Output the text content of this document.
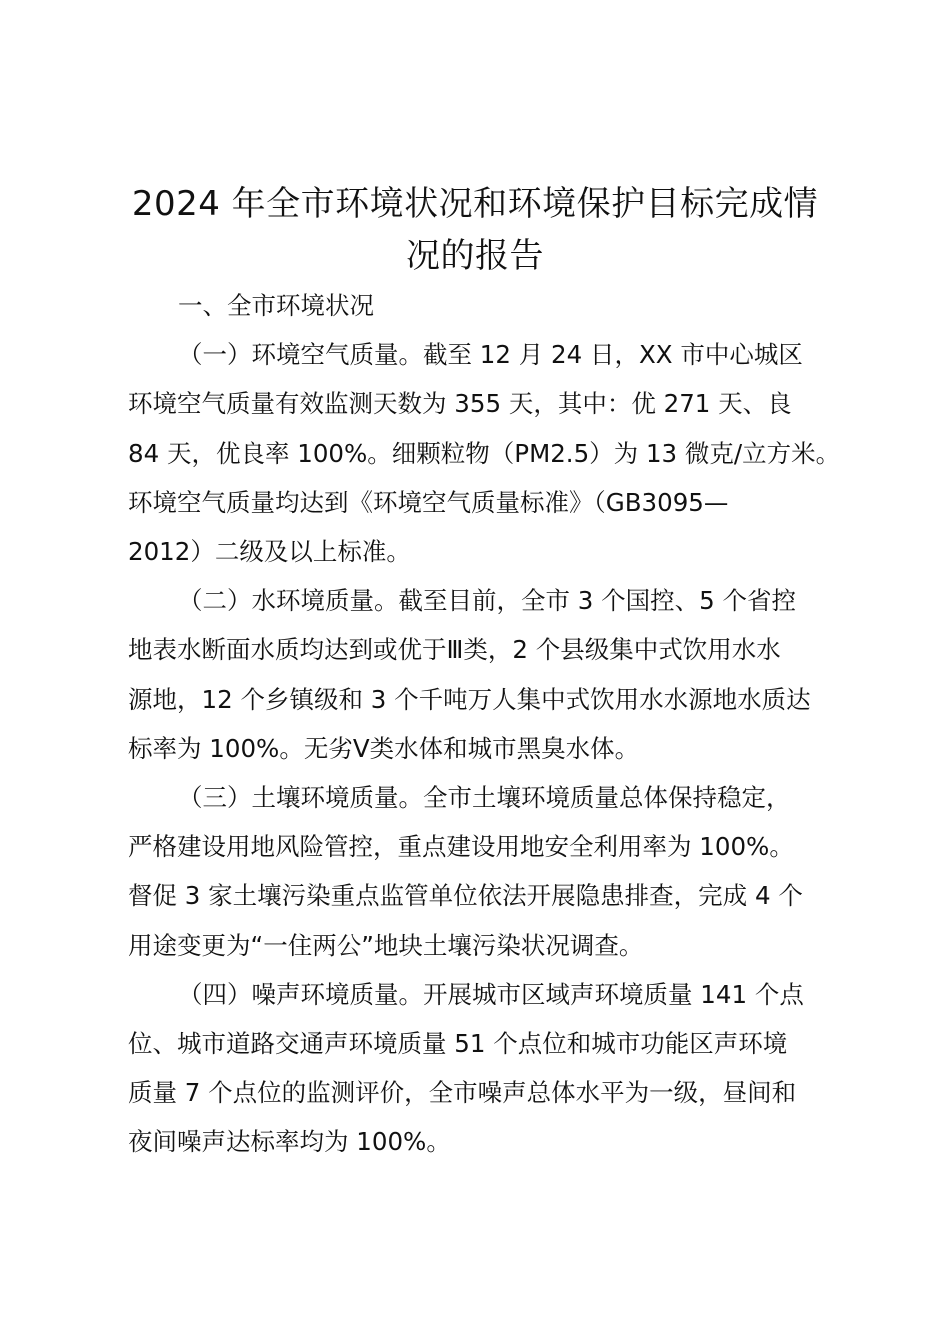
2024 年全市环境状况和环境保护目标完成情
况的报告

一、全市环境状况

（一）环境空气质量。截至 12 月 24 日，XX 市中心城区
环境空气质量有效监测天数为 355 天，其中：优 271 天、良
84 天，优良率 100%。细颗粒物（PM2.5）为 13 微克/立方米。
环境空气质量均达到《环境空气质量标准》（GB3095—
2012）二级及以上标准。

（二）水环境质量。截至目前，全市 3 个国控、5 个省控
地表水断面水质均达到或优于Ⅲ类，2 个县级集中式饮用水水
源地，12 个乡镇级和 3 个千吨万人集中式饮用水水源地水质达
标率为 100%。无劣Ⅴ类水体和城市黑臭水体。

（三）土壤环境质量。全市土壤环境质量总体保持稳定，
严格建设用地风险管控，重点建设用地安全利用率为 100%。
督促 3 家土壤污染重点监管单位依法开展隐患排查，完成 4 个
用途变更为“一住两公”地块土壤污染状况调查。

（四）噪声环境质量。开展城市区域声环境质量 141 个点
位、城市道路交通声环境质量 51 个点位和城市功能区声环境
质量 7 个点位的监测评价，全市噪声总体水平为一级，昼间和
夜间噪声达标率均为 100%。
